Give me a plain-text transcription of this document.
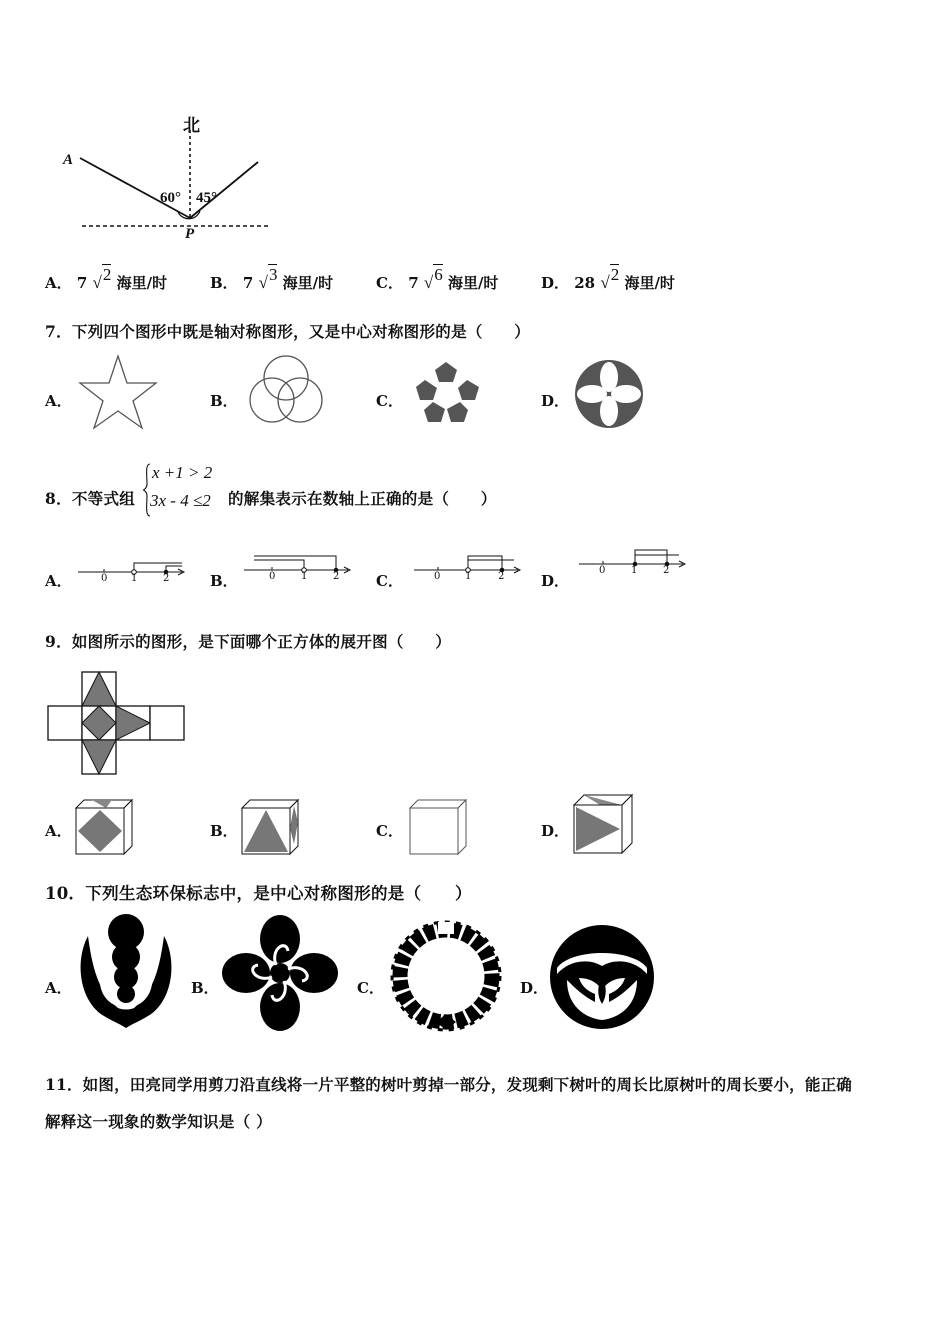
北
A
P
60° 45°
A． 7 √2 海里/时	B． 7 √3 海里/时	C． 7 √6 海里/时	D． 28 √2 海里/时
7．下列四个图形中既是轴对称图形，又是中心对称图形的是（　　）
A．	B．	C．	D．
8．不等式组
x +1 > 2
3x - 4 ≤2 的解集表示在数轴上正确的是（　　）
A．	B．	C．	D．
0 1	2	0	1	2	0 1	2
0	1	2
9．如图所示的图形，是下面哪个正方体的展开图（　　）
A．	B．	C．	D．
10．下列生态环保标志中，是中心对称图形的是（　　）
A．	B．	C．	D．
11．如图，田亮同学用剪刀沿直线将一片平整的树叶剪掉一部分，发现剩下树叶的周长比原树叶的周长要小，能正确
解释这一现象的数学知识是（ ）
